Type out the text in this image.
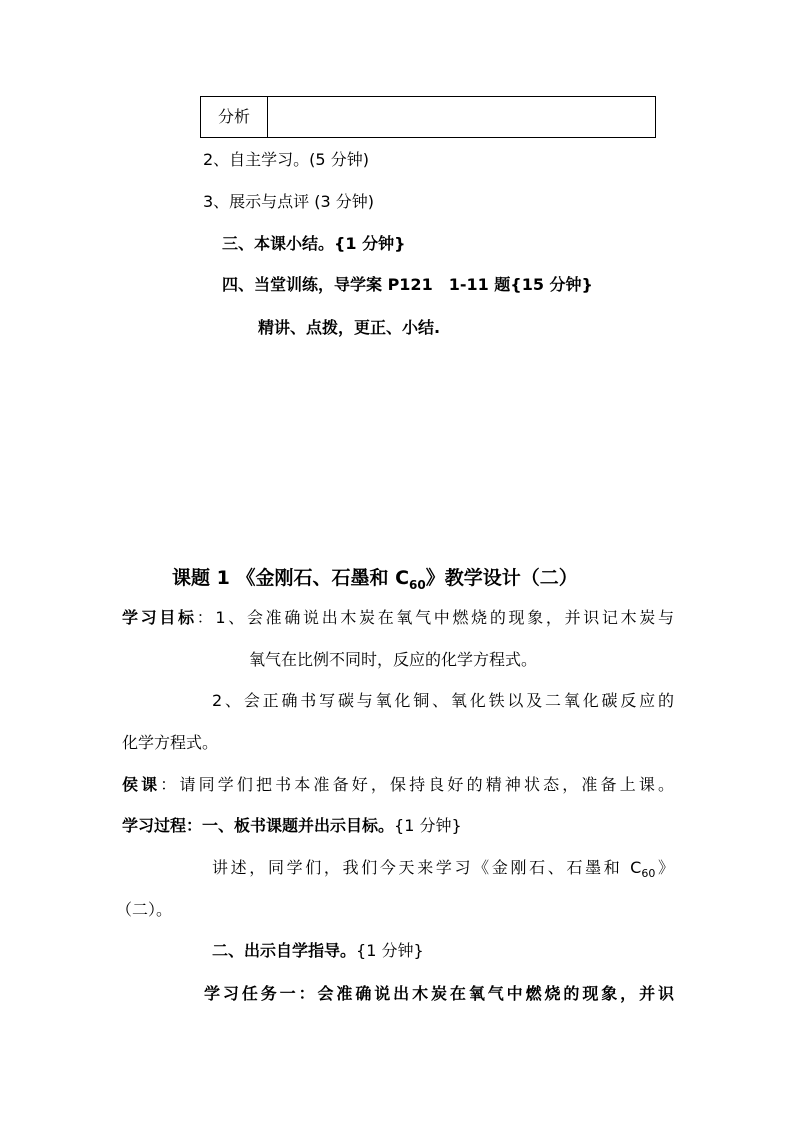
分析
2、自主学习。(5 分钟)
3、展示与点评 (3 分钟)
三、本课小结。{1 分钟}
四、当堂训练，导学案 P121　1-11 题{15 分钟}
精讲、点拨，更正、小结.
课题 1 《金刚石、石墨和 $C_{60}$》教学设计（二）
学习目标：1、会准确说出木炭在氧气中燃烧的现象，并识记木炭与
氧气在比例不同时，反应的化学方程式。
2、会正确书写碳与氧化铜、氧化铁以及二氧化碳反应的
化学方程式。
侯课：请同学们把书本准备好，保持良好的精神状态，准备上课。
学习过程：一、板书课题并出示目标。{1 分钟}
讲述，同学们，我们今天来学习《金刚石、石墨和 $C_{60}$》
（二）。
二、出示自学指导。{1 分钟}
学习任务一：会准确说出木炭在氧气中燃烧的现象，并识
